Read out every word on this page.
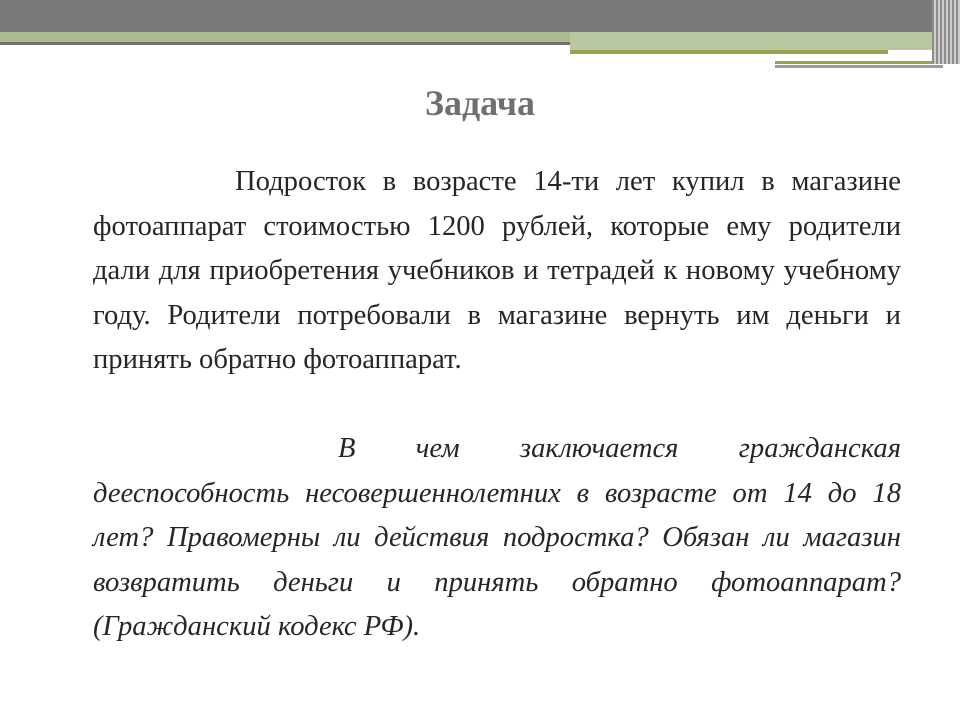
Задача

Подросток в возрасте 14-ти лет купил в магазине фотоаппарат стоимостью 1200 рублей, которые ему родители дали для приобретения учебников и тетрадей к новому учебному году. Родители потребовали в магазине вернуть им деньги и принять обратно фотоаппарат.

В чем заключается гражданская дееспособность несовершеннолетних в возрасте от 14 до 18 лет? Правомерны ли действия подростка? Обязан ли магазин возвратить деньги и принять обратно фотоаппарат? (Гражданский кодекс РФ).
